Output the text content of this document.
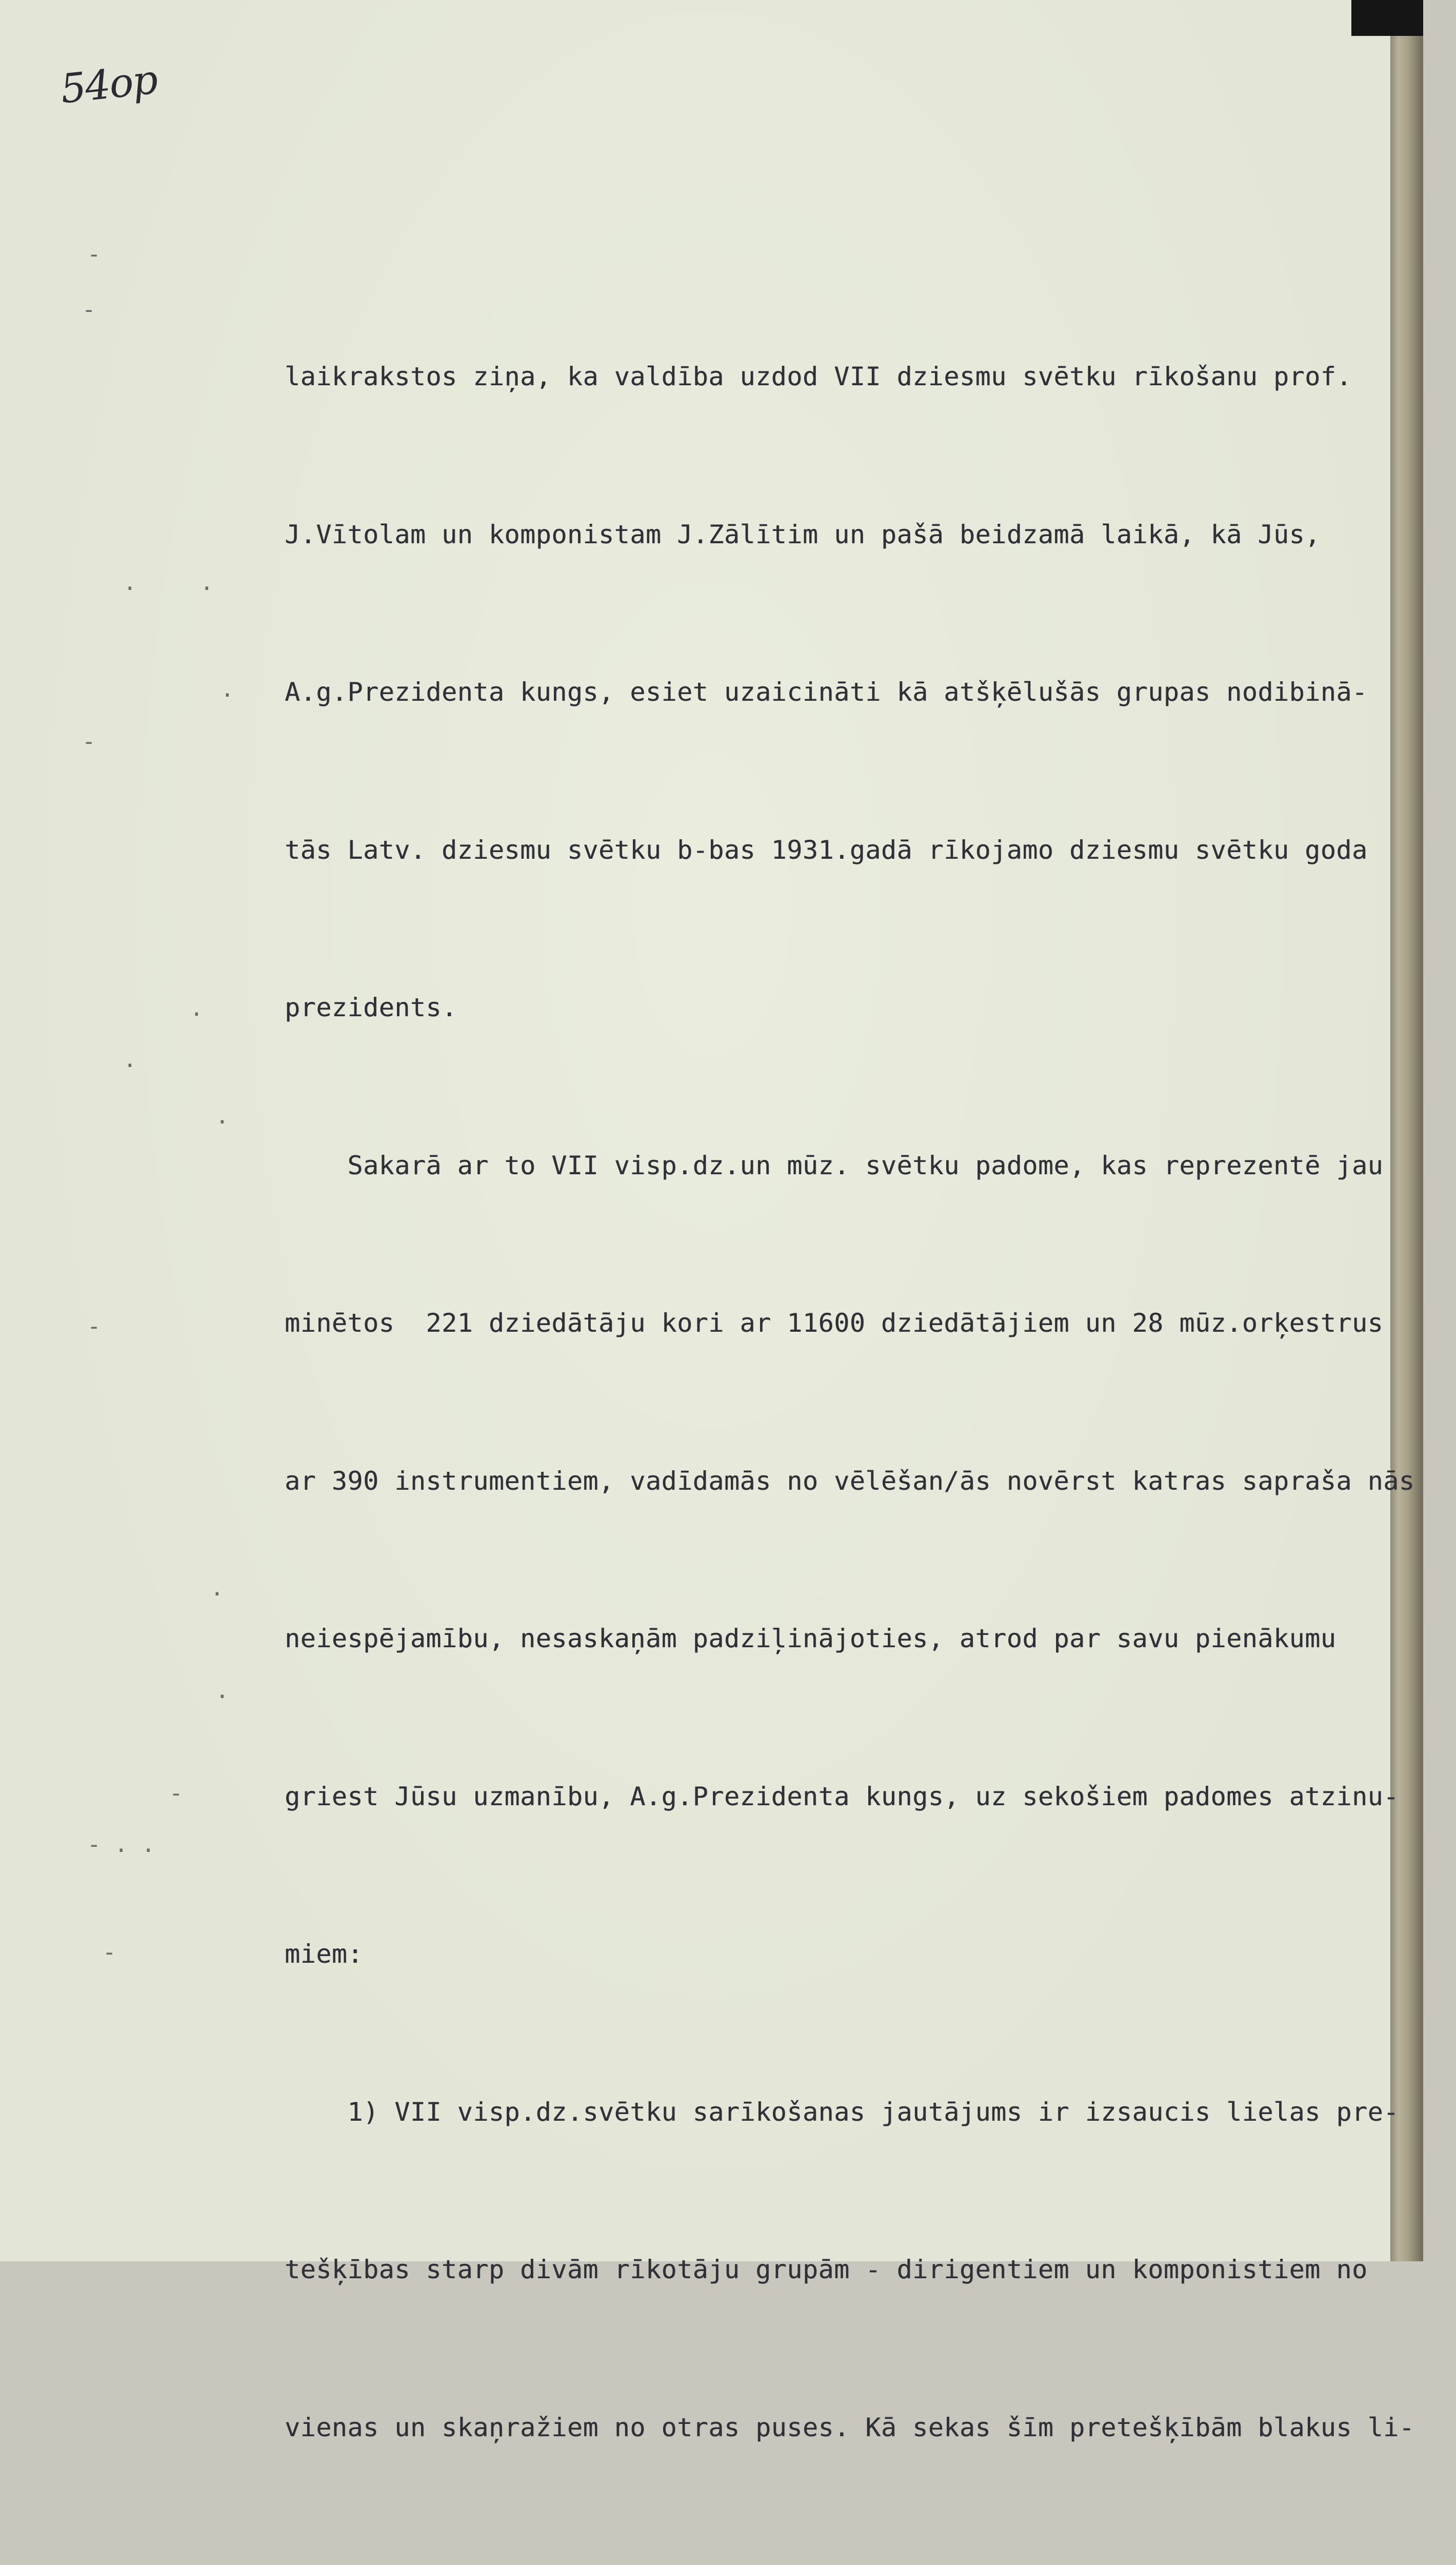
54op
-
-
.	.
.
-
.
.
.
-
.
.
-
- . .
-

laikrakstos ziņa, ka valdība uzdod VII dziesmu svētku rīkošanu prof.

J.Vītolam un komponistam J.Zālītim un pašā beidzamā laikā, kā Jūs,

A.g.Prezidenta kungs, esiet uzaicināti kā atšķēlušās grupas nodibinā-

tās Latv. dziesmu svētku b-bas 1931.gadā rīkojamo dziesmu svētku goda

prezidents.

Sakarā ar to VII visp.dz.un mūz. svētku padome, kas reprezentē jau

minētos  221 dziedātāju kori ar 11600 dziedātājiem un 28 mūz.orķestrus

ar 390 instrumentiem, vadīdamās no vēlēšan/ās novērst katras sapraša nās

neiespējamību, nesaskaņām padziļinājoties, atrod par savu pienākumu

griest Jūsu uzmanību, A.g.Prezidenta kungs, uz sekošiem padomes atzinu-

miem:

1) VII visp.dz.svētku sarīkošanas jautājums ir izsaucis lielas pre-

tešķības starp divām rīkotāju grupām - dirigentiem un komponistiem no

vienas un skaņražiem no otras puses. Kā sekas šīm pretešķībām blakus li-
